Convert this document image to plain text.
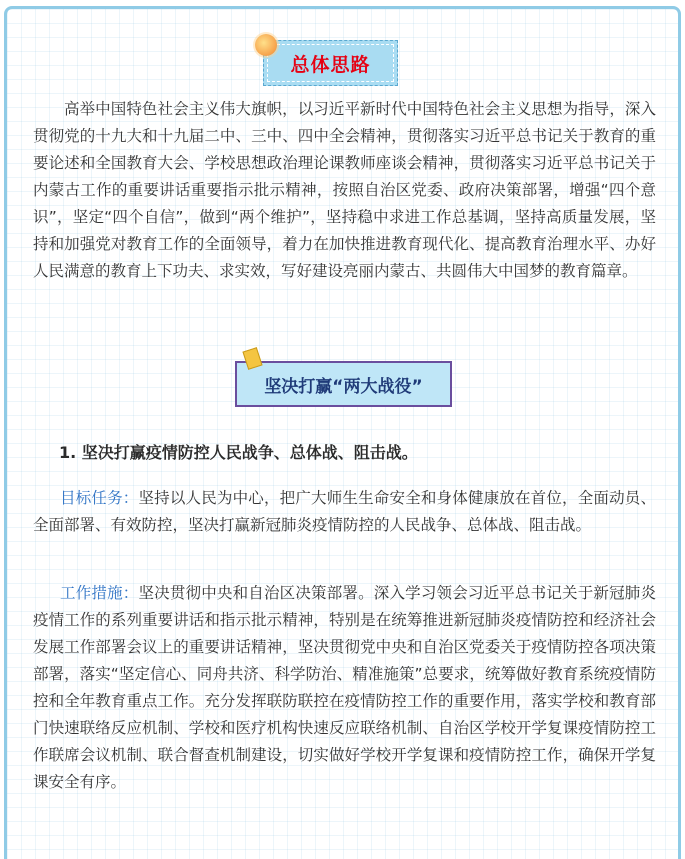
总体思路

高举中国特色社会主义伟大旗帜，以习近平新时代中国特色社会主义思想为指导，深入贯彻党的十九大和十九届二中、三中、四中全会精神，贯彻落实习近平总书记关于教育的重要论述和全国教育大会、学校思想政治理论课教师座谈会精神，贯彻落实习近平总书记关于内蒙古工作的重要讲话重要指示批示精神，按照自治区党委、政府决策部署，增强“四个意识”，坚定“四个自信”，做到“两个维护”，坚持稳中求进工作总基调，坚持高质量发展，坚持和加强党对教育工作的全面领导，着力在加快推进教育现代化、提高教育治理水平、办好人民满意的教育上下功夫、求实效，写好建设亮丽内蒙古、共圆伟大中国梦的教育篇章。

坚决打赢“两大战役”

1. 坚决打赢疫情防控人民战争、总体战、阻击战。

目标任务：坚持以人民为中心，把广大师生生命安全和身体健康放在首位，全面动员、全面部署、有效防控，坚决打赢新冠肺炎疫情防控的人民战争、总体战、阻击战。

工作措施：坚决贯彻中央和自治区决策部署。深入学习领会习近平总书记关于新冠肺炎疫情工作的系列重要讲话和指示批示精神，特别是在统筹推进新冠肺炎疫情防控和经济社会发展工作部署会议上的重要讲话精神，坚决贯彻党中央和自治区党委关于疫情防控各项决策部署，落实“坚定信心、同舟共济、科学防治、精准施策”总要求，统筹做好教育系统疫情防控和全年教育重点工作。充分发挥联防联控在疫情防控工作的重要作用，落实学校和教育部门快速联络反应机制、学校和医疗机构快速反应联络机制、自治区学校开学复课疫情防控工作联席会议机制、联合督查机制建设，切实做好学校开学复课和疫情防控工作，确保开学复课安全有序。
